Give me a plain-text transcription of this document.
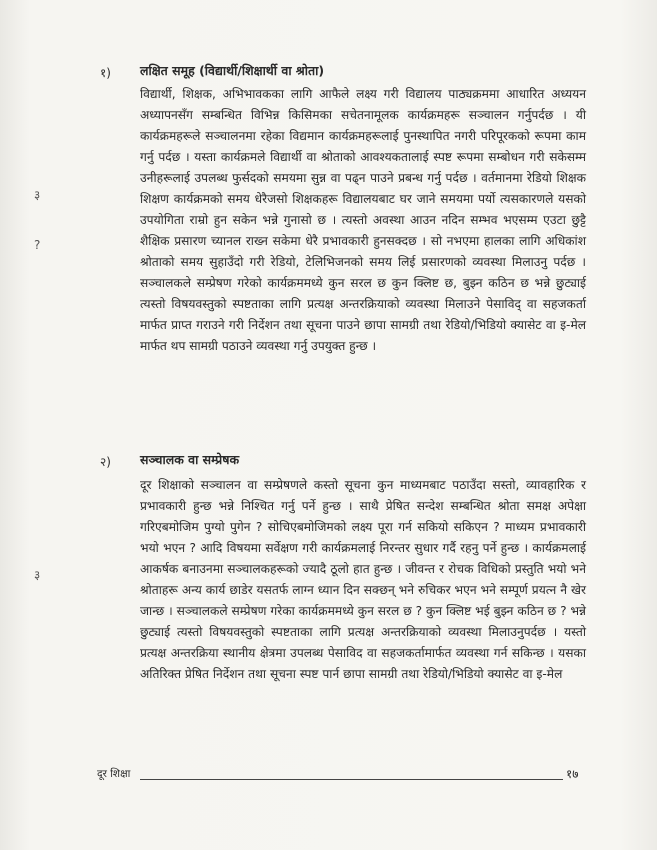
१) लक्षित समूह (विद्यार्थी/शिक्षार्थी वा श्रोता)

विद्यार्थी, शिक्षक, अभिभावकका लागि आफैले लक्ष्य गरी विद्यालय पाठ्यक्रममा आधारित अध्ययन अध्यापनसँग सम्बन्धित विभिन्न किसिमका सचेतनामूलक कार्यक्रमहरू सञ्चालन गर्नुपर्दछ । यी कार्यक्रमहरूले सञ्चालनमा रहेका विद्यमान कार्यक्रमहरूलाई पुनस्थापित नगरी परिपूरकको रूपमा काम गर्नु पर्दछ । यस्ता कार्यक्रमले विद्यार्थी वा श्रोताको आवश्यकतालाई स्पष्ट रूपमा सम्बोधन गरी सकेसम्म उनीहरूलाई उपलब्ध फुर्सदको समयमा सुन्न वा पढ्न पाउने प्रबन्ध गर्नु पर्दछ । वर्तमानमा रेडियो शिक्षक शिक्षण कार्यक्रमको समय धेरैजसो शिक्षकहरू विद्यालयबाट घर जाने समयमा पर्यो त्यसकारणले यसको उपयोगिता राम्रो हुन सकेन भन्ने गुनासो छ । त्यस्तो अवस्था आउन नदिन सम्भव भएसम्म एउटा छुट्टै शैक्षिक प्रसारण च्यानल राख्न सकेमा धेरै प्रभावकारी हुनसक्दछ । सो नभएमा हालका लागि अधिकांश श्रोताको समय सुहाउँदो गरी रेडियो, टेलिभिजनको समय लिई प्रसारणको व्यवस्था मिलाउनु पर्दछ । सञ्चालकले सम्प्रेषण गरेको कार्यक्रममध्ये कुन सरल छ कुन क्लिष्ट छ, बुझ्न कठिन छ भन्ने छुट्याई त्यस्तो विषयवस्तुको स्पष्टताका लागि प्रत्यक्ष अन्तरक्रियाको व्यवस्था मिलाउने पेसाविद् वा सहजकर्ता मार्फत प्राप्त गराउने गरी निर्देशन तथा सूचना पाउने छापा सामग्री तथा रेडियो/भिडियो क्यासेट वा इ-मेल मार्फत थप सामग्री पठाउने व्यवस्था गर्नु उपयुक्त हुन्छ ।

२) सञ्चालक वा सम्प्रेषक

दूर शिक्षाको सञ्चालन वा सम्प्रेषणले कस्तो सूचना कुन माध्यमबाट पठाउँदा सस्तो, व्यावहारिक र प्रभावकारी हुन्छ भन्ने निश्चित गर्नु पर्ने हुन्छ । साथै प्रेषित सन्देश सम्बन्धित श्रोता समक्ष अपेक्षा गरिएबमोजिम पुग्यो पुगेन ? सोचिएबमोजिमको लक्ष्य पूरा गर्न सकियो सकिएन ? माध्यम प्रभावकारी भयो भएन ? आदि विषयमा सर्वेक्षण गरी कार्यक्रमलाई निरन्तर सुधार गर्दै रहनु पर्ने हुन्छ । कार्यक्रमलाई आकर्षक बनाउनमा सञ्चालकहरूको ज्यादै ठूलो हात हुन्छ । जीवन्त र रोचक विधिको प्रस्तुति भयो भने श्रोताहरू अन्य कार्य छाडेर यसतर्फ लाग्न ध्यान दिन सक्छन् भने रुचिकर भएन भने सम्पूर्ण प्रयत्न नै खेर जान्छ । सञ्चालकले सम्प्रेषण गरेका कार्यक्रममध्ये कुन सरल छ ? कुन क्लिष्ट भई बुझ्न कठिन छ ? भन्ने छुट्याई त्यस्तो विषयवस्तुको स्पष्टताका लागि प्रत्यक्ष अन्तरक्रियाको व्यवस्था मिलाउनुपर्दछ । यस्तो प्रत्यक्ष अन्तरक्रिया स्थानीय क्षेत्रमा उपलब्ध पेसाविद वा सहजकर्तामार्फत व्यवस्था गर्न सकिन्छ । यसका अतिरिक्त प्रेषित निर्देशन तथा सूचना स्पष्ट पार्न छापा सामग्री तथा रेडियो/भिडियो क्यासेट वा इ-मेल

३
?
३
दूर शिक्षा	१७
